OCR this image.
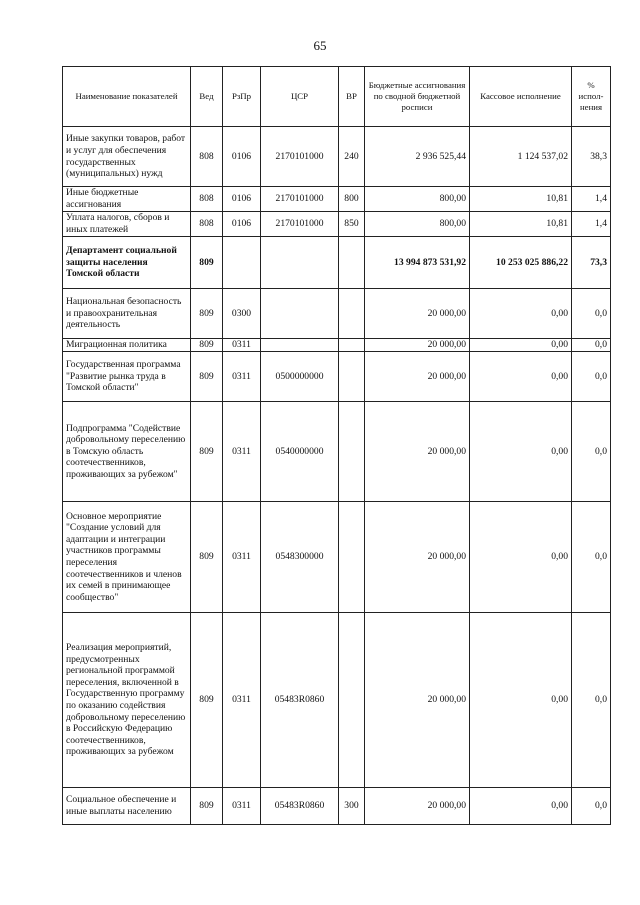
65
Наименование показателей	Вед	РзПр	ЦСР	ВР	Бюджетные ассигнования по сводной бюджетной росписи	Кассовое исполнение	% испол-нения
Иные закупки товаров, работ и услуг для обеспечения государственных (муниципальных) нужд	808	0106	2170101000	240	2 936 525,44	1 124 537,02	38,3
Иные бюджетные ассигнования	808	0106	2170101000	800	800,00	10,81	1,4
Уплата налогов, сборов и иных платежей	808	0106	2170101000	850	800,00	10,81	1,4
Департамент социальной защиты населения Томской области	809				13 994 873 531,92	10 253 025 886,22	73,3
Национальная безопасность и правоохранительная деятельность	809	0300			20 000,00	0,00	0,0
Миграционная политика	809	0311			20 000,00	0,00	0,0
Государственная программа "Развитие рынка труда в Томской области"	809	0311	0500000000		20 000,00	0,00	0,0
Подпрограмма "Содействие добровольному переселению в Томскую область соотечественников, проживающих за рубежом"	809	0311	0540000000		20 000,00	0,00	0,0
Основное мероприятие "Создание условий для адаптации и интеграции участников программы переселения соотечественников и членов их семей в принимающее сообщество"	809	0311	0548300000		20 000,00	0,00	0,0
Реализация мероприятий, предусмотренных региональной программой переселения, включенной в Государственную программу по оказанию содействия добровольному переселению в Российскую Федерацию соотечественников, проживающих за рубежом	809	0311	05483R0860		20 000,00	0,00	0,0
Социальное обеспечение и иные выплаты населению	809	0311	05483R0860	300	20 000,00	0,00	0,0
